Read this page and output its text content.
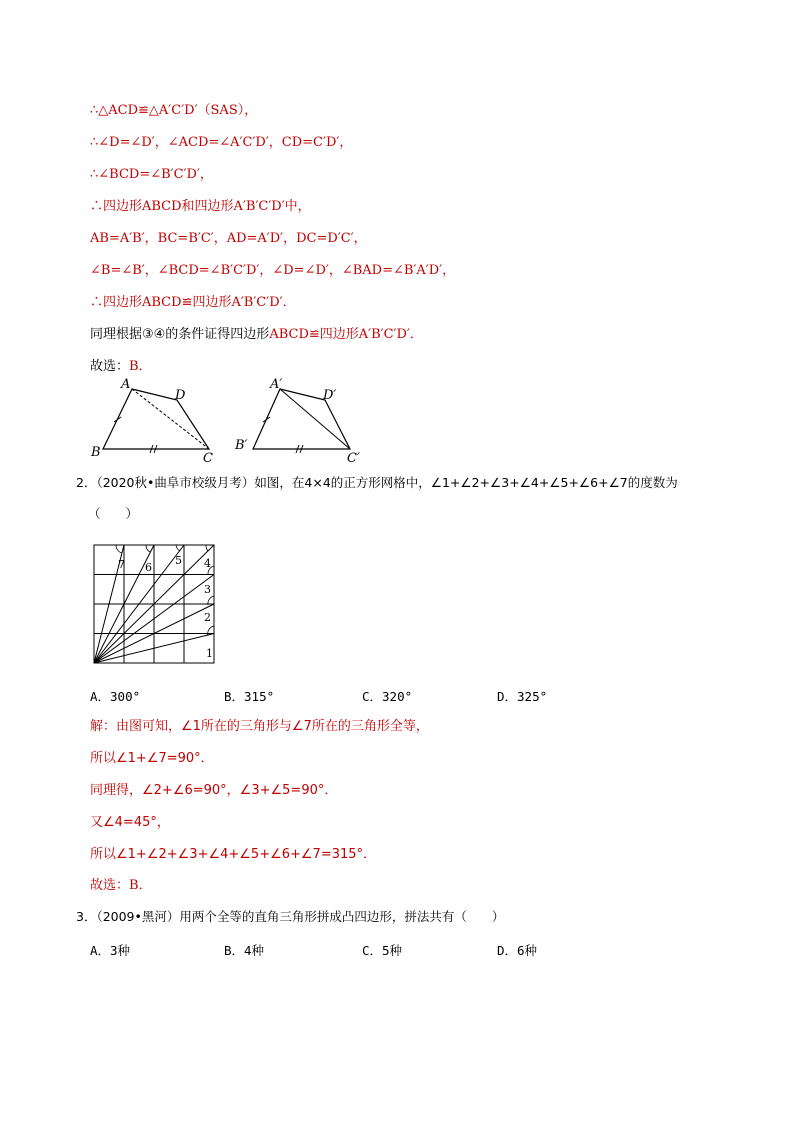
∴△ACD≌△A′C′D′（SAS），
∴∠D=∠D′，∠ACD=∠A′C′D′，CD=C′D′，
∴∠BCD=∠B′C′D′，
∴四边形ABCD和四边形A′B′C′D′中，
AB=A′B′，BC=B′C′，AD=A′D′，DC=D′C′，
∠B=∠B′，∠BCD=∠B′C′D′，∠D=∠D′，∠BAD=∠B′A′D′，
∴四边形ABCD≌四边形A′B′C′D′．
同理根据③④的条件证得四边形ABCD≌四边形A′B′C′D′．
故选：B．
A
D
B	C
A′
D′
B′
C′
2．（2020秋•曲阜市校级月考）如图，在4×4的正方形网格中，∠1+∠2+∠3+∠4+∠5+∠6+∠7的度数为
（　　）
1
2
3
4
5
6
7
A．300°	B．315°	C．320°	D．325°
解：由图可知，∠1所在的三角形与∠7所在的三角形全等，
所以∠1+∠7=90°．
同理得，∠2+∠6=90°，∠3+∠5=90°．
又∠4=45°，
所以∠1+∠2+∠3+∠4+∠5+∠6+∠7=315°．
故选：B．
3．（2009•黑河）用两个全等的直角三角形拼成凸四边形，拼法共有（　　）
A．3种	B．4种	C．5种	D．6种
